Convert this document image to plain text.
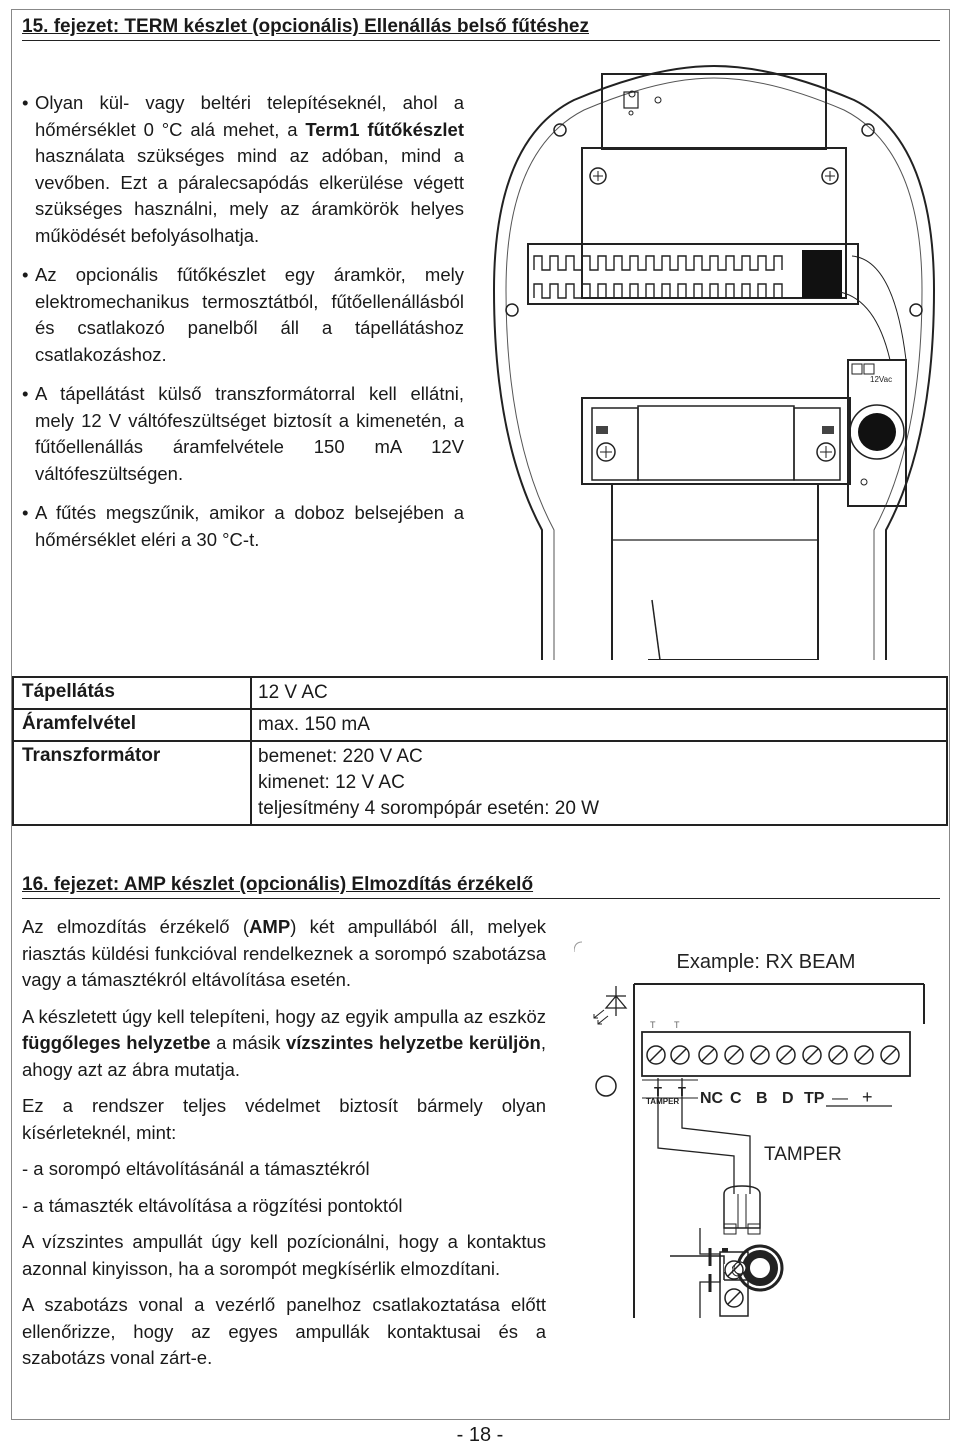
15. fejezet: TERM készlet (opcionális) Ellenállás belső fűtéshez

• Olyan kül- vagy beltéri telepítéseknél, ahol a hőmérséklet 0 °C alá mehet, a Term1 fűtőkészlet használata szükséges mind az adóban, mind a vevőben. Ezt a páralecsapódás elkerülése végett szükséges használni, mely az áramkörök helyes működését befolyásolhatja.

• Az opcionális fűtőkészlet egy áramkör, mely elektromechanikus termosztátból, fűtőellenállásból és csatlakozó panelből áll a tápellátáshoz csatlakozáshoz.

• A tápellátást külső transzformátorral kell ellátni, mely 12 V váltófeszültséget biztosít a kimenetén, a fűtőellenállás áramfelvétele 150 mA 12V váltófeszültségen.

• A fűtés megszűnik, amikor a doboz belsejében a hőmérséklet eléri a 30 °C-t.

12Vac
Tápellátás	12 V AC
Áramfelvétel	max. 150 mA
Transzformátor	bemenet: 220 V AC
kimenet: 12 V AC
teljesítmény 4 sorompópár esetén: 20 W
16. fejezet: AMP készlet (opcionális) Elmozdítás érzékelő

Az elmozdítás érzékelő (AMP) két ampullából áll, melyek riasztás küldési funkcióval rendelkeznek a sorompó szabotázsa vagy a támasztékról eltávolítása esetén.

A készletett úgy kell telepíteni, hogy az egyik ampulla az eszköz függőleges helyzetbe a másik vízszintes helyzetbe kerüljön, ahogy azt az ábra mutatja.

Ez a rendszer teljes védelmet biztosít bármely olyan kísérleteknél, mint:

- a sorompó eltávolításánál a támasztékról

- a támaszték eltávolítása a rögzítési pontoktól

A vízszintes ampullát úgy kell pozícionálni, hogy a kontaktus azonnal kinyisson, ha a sorompót megkísérlik elmozdítani.

A szabotázs vonal a vezérlő panelhoz csatlakoztatása előtt ellenőrizze, hogy az egyes ampullák kontaktusai és a szabotázs vonal zárt-e.

Example: RX BEAM
T T
T T
TAMPER NC C B D TP — +
TAMPER
- 18 -
